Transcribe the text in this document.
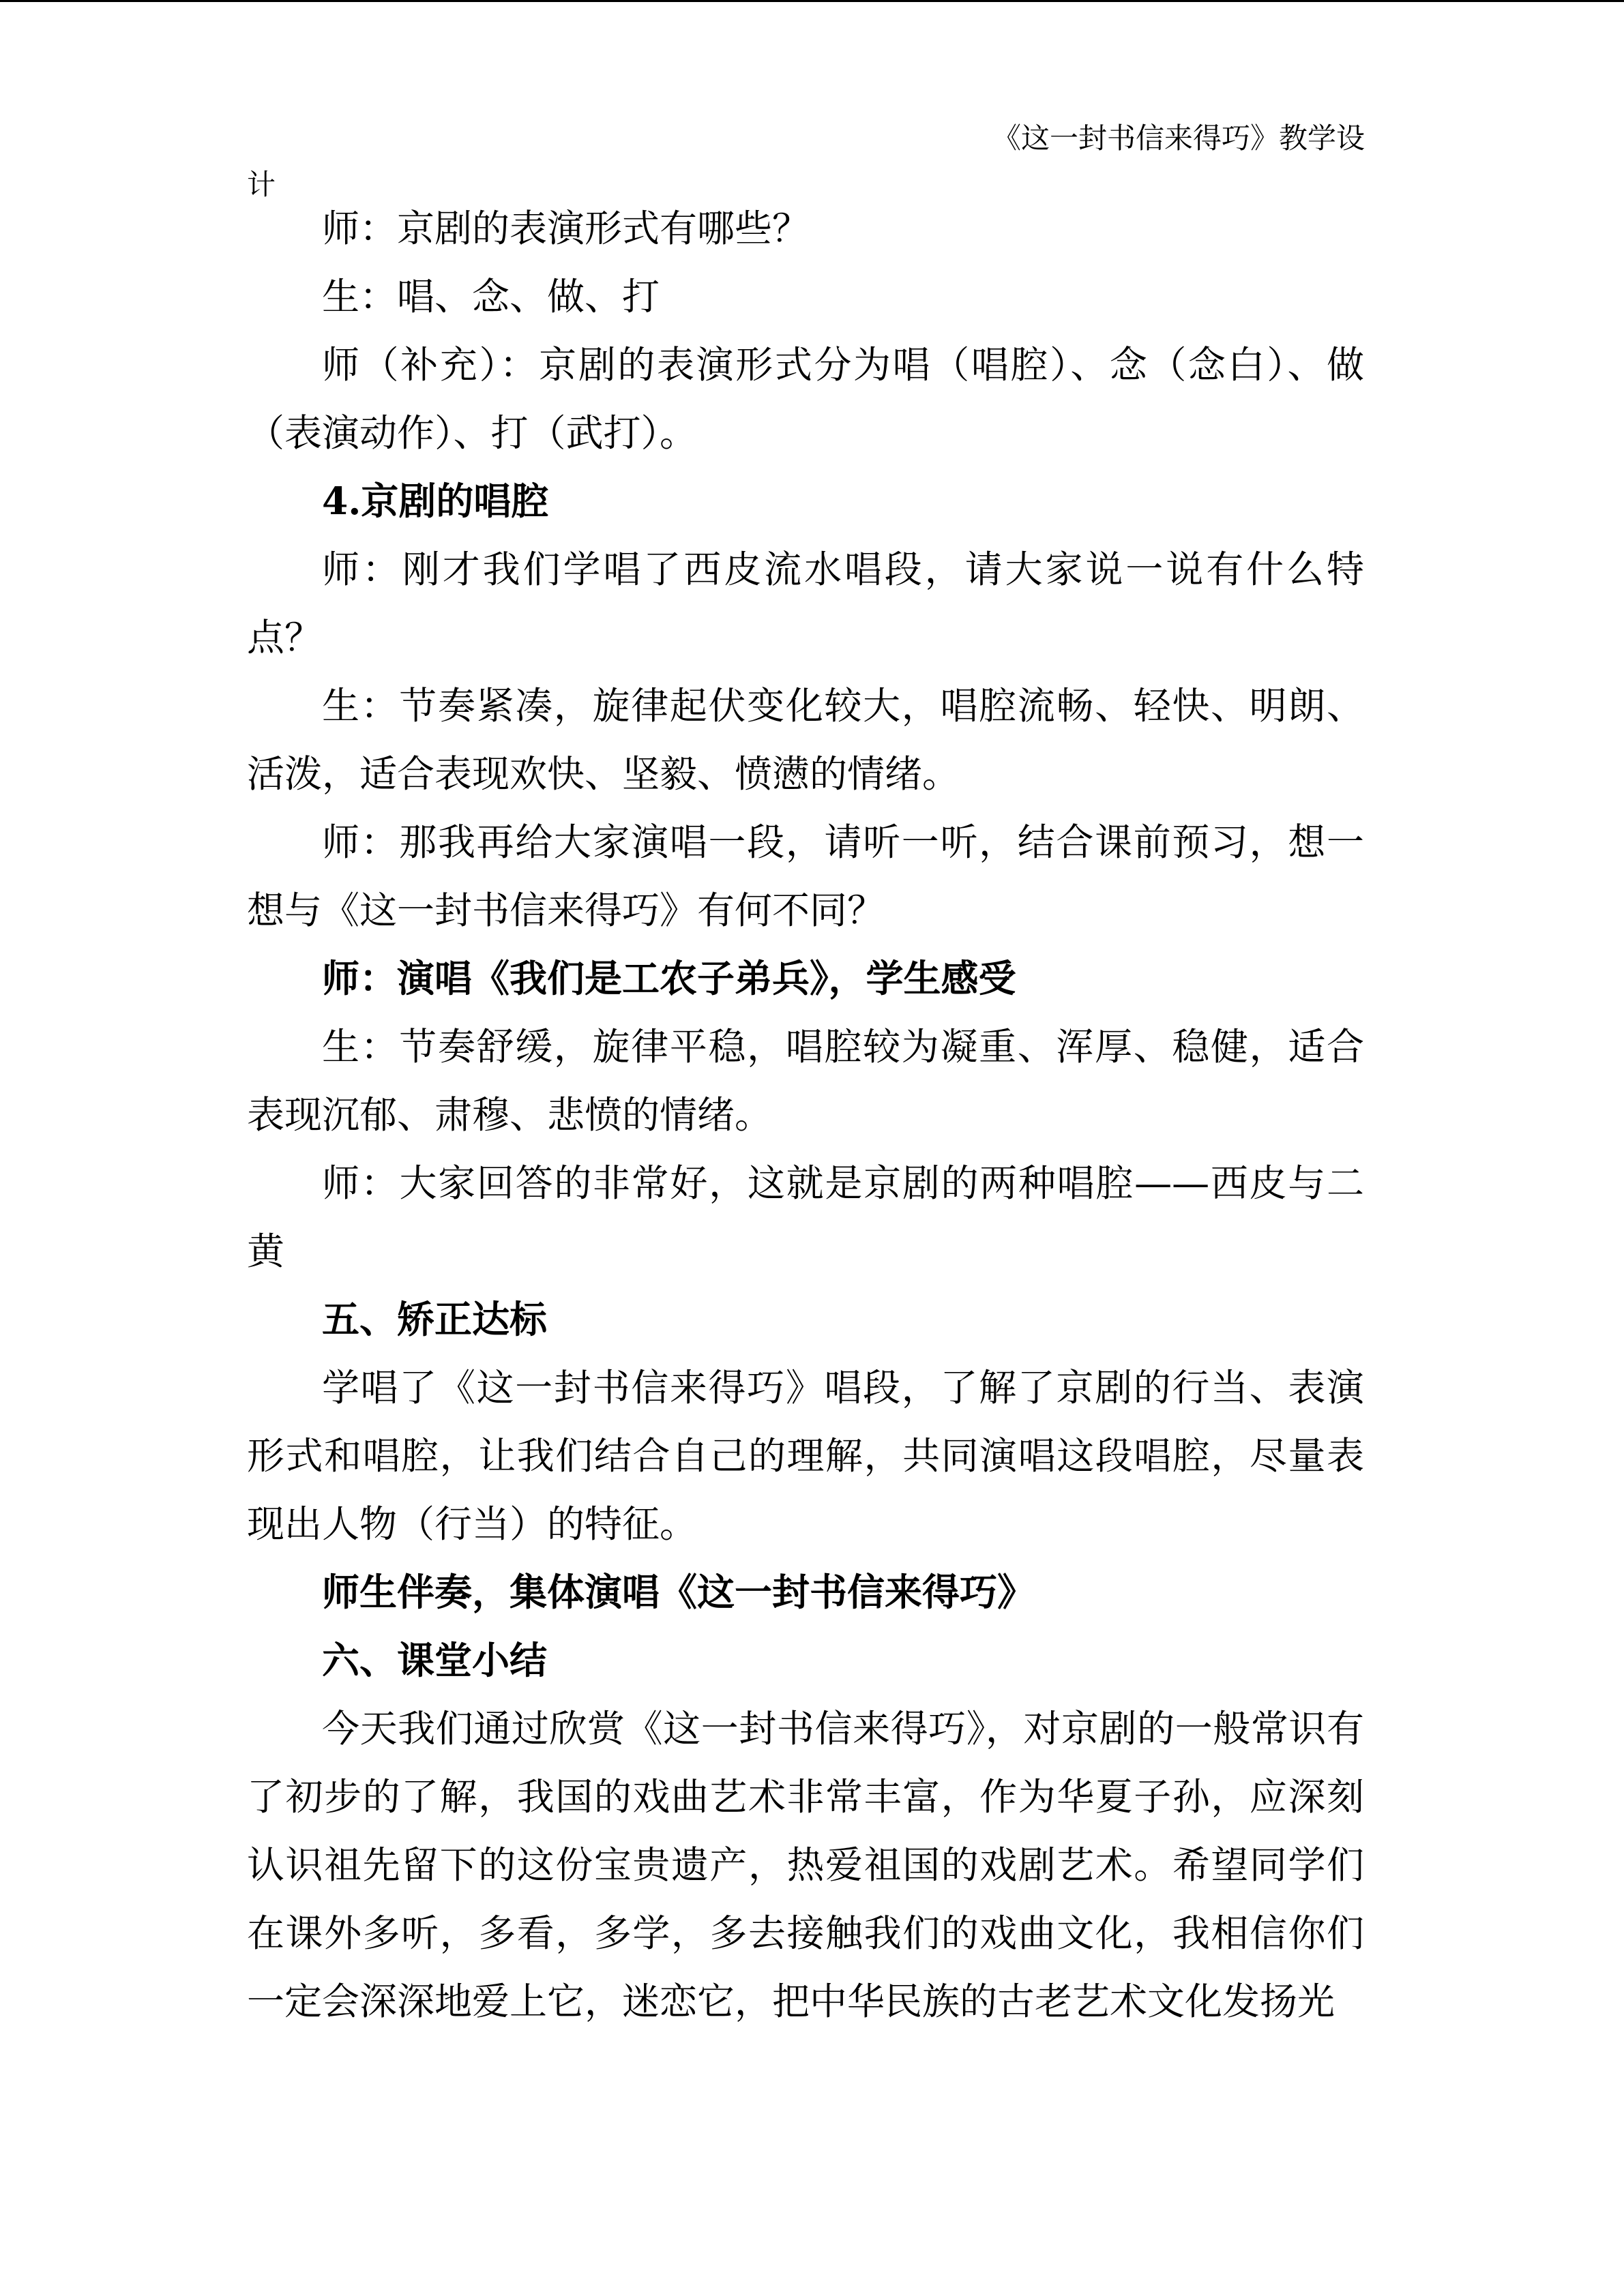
《这一封书信来得巧》教学设
计

师：京剧的表演形式有哪些？

生：唱、念、做、打

师（补充）：京剧的表演形式分为唱（唱腔）、念（念白）、做（表演动作）、打（武打）。

4.京剧的唱腔

师：刚才我们学唱了西皮流水唱段，请大家说一说有什么特点？

生：节奏紧凑，旋律起伏变化较大，唱腔流畅、轻快、明朗、活泼，适合表现欢快、坚毅、愤懑的情绪。

师：那我再给大家演唱一段，请听一听，结合课前预习，想一想与《这一封书信来得巧》有何不同？

师：演唱《我们是工农子弟兵》，学生感受

生：节奏舒缓，旋律平稳，唱腔较为凝重、浑厚、稳健，适合表现沉郁、肃穆、悲愤的情绪。

师：大家回答的非常好，这就是京剧的两种唱腔——西皮与二黄

五、矫正达标

学唱了《这一封书信来得巧》唱段，了解了京剧的行当、表演形式和唱腔，让我们结合自己的理解，共同演唱这段唱腔，尽量表现出人物（行当）的特征。

师生伴奏，集体演唱《这一封书信来得巧》

六、课堂小结

今天我们通过欣赏《这一封书信来得巧》，对京剧的一般常识有了初步的了解，我国的戏曲艺术非常丰富，作为华夏子孙，应深刻认识祖先留下的这份宝贵遗产，热爱祖国的戏剧艺术。希望同学们在课外多听，多看，多学，多去接触我们的戏曲文化，我相信你们一定会深深地爱上它，迷恋它，把中华民族的古老艺术文化发扬光
